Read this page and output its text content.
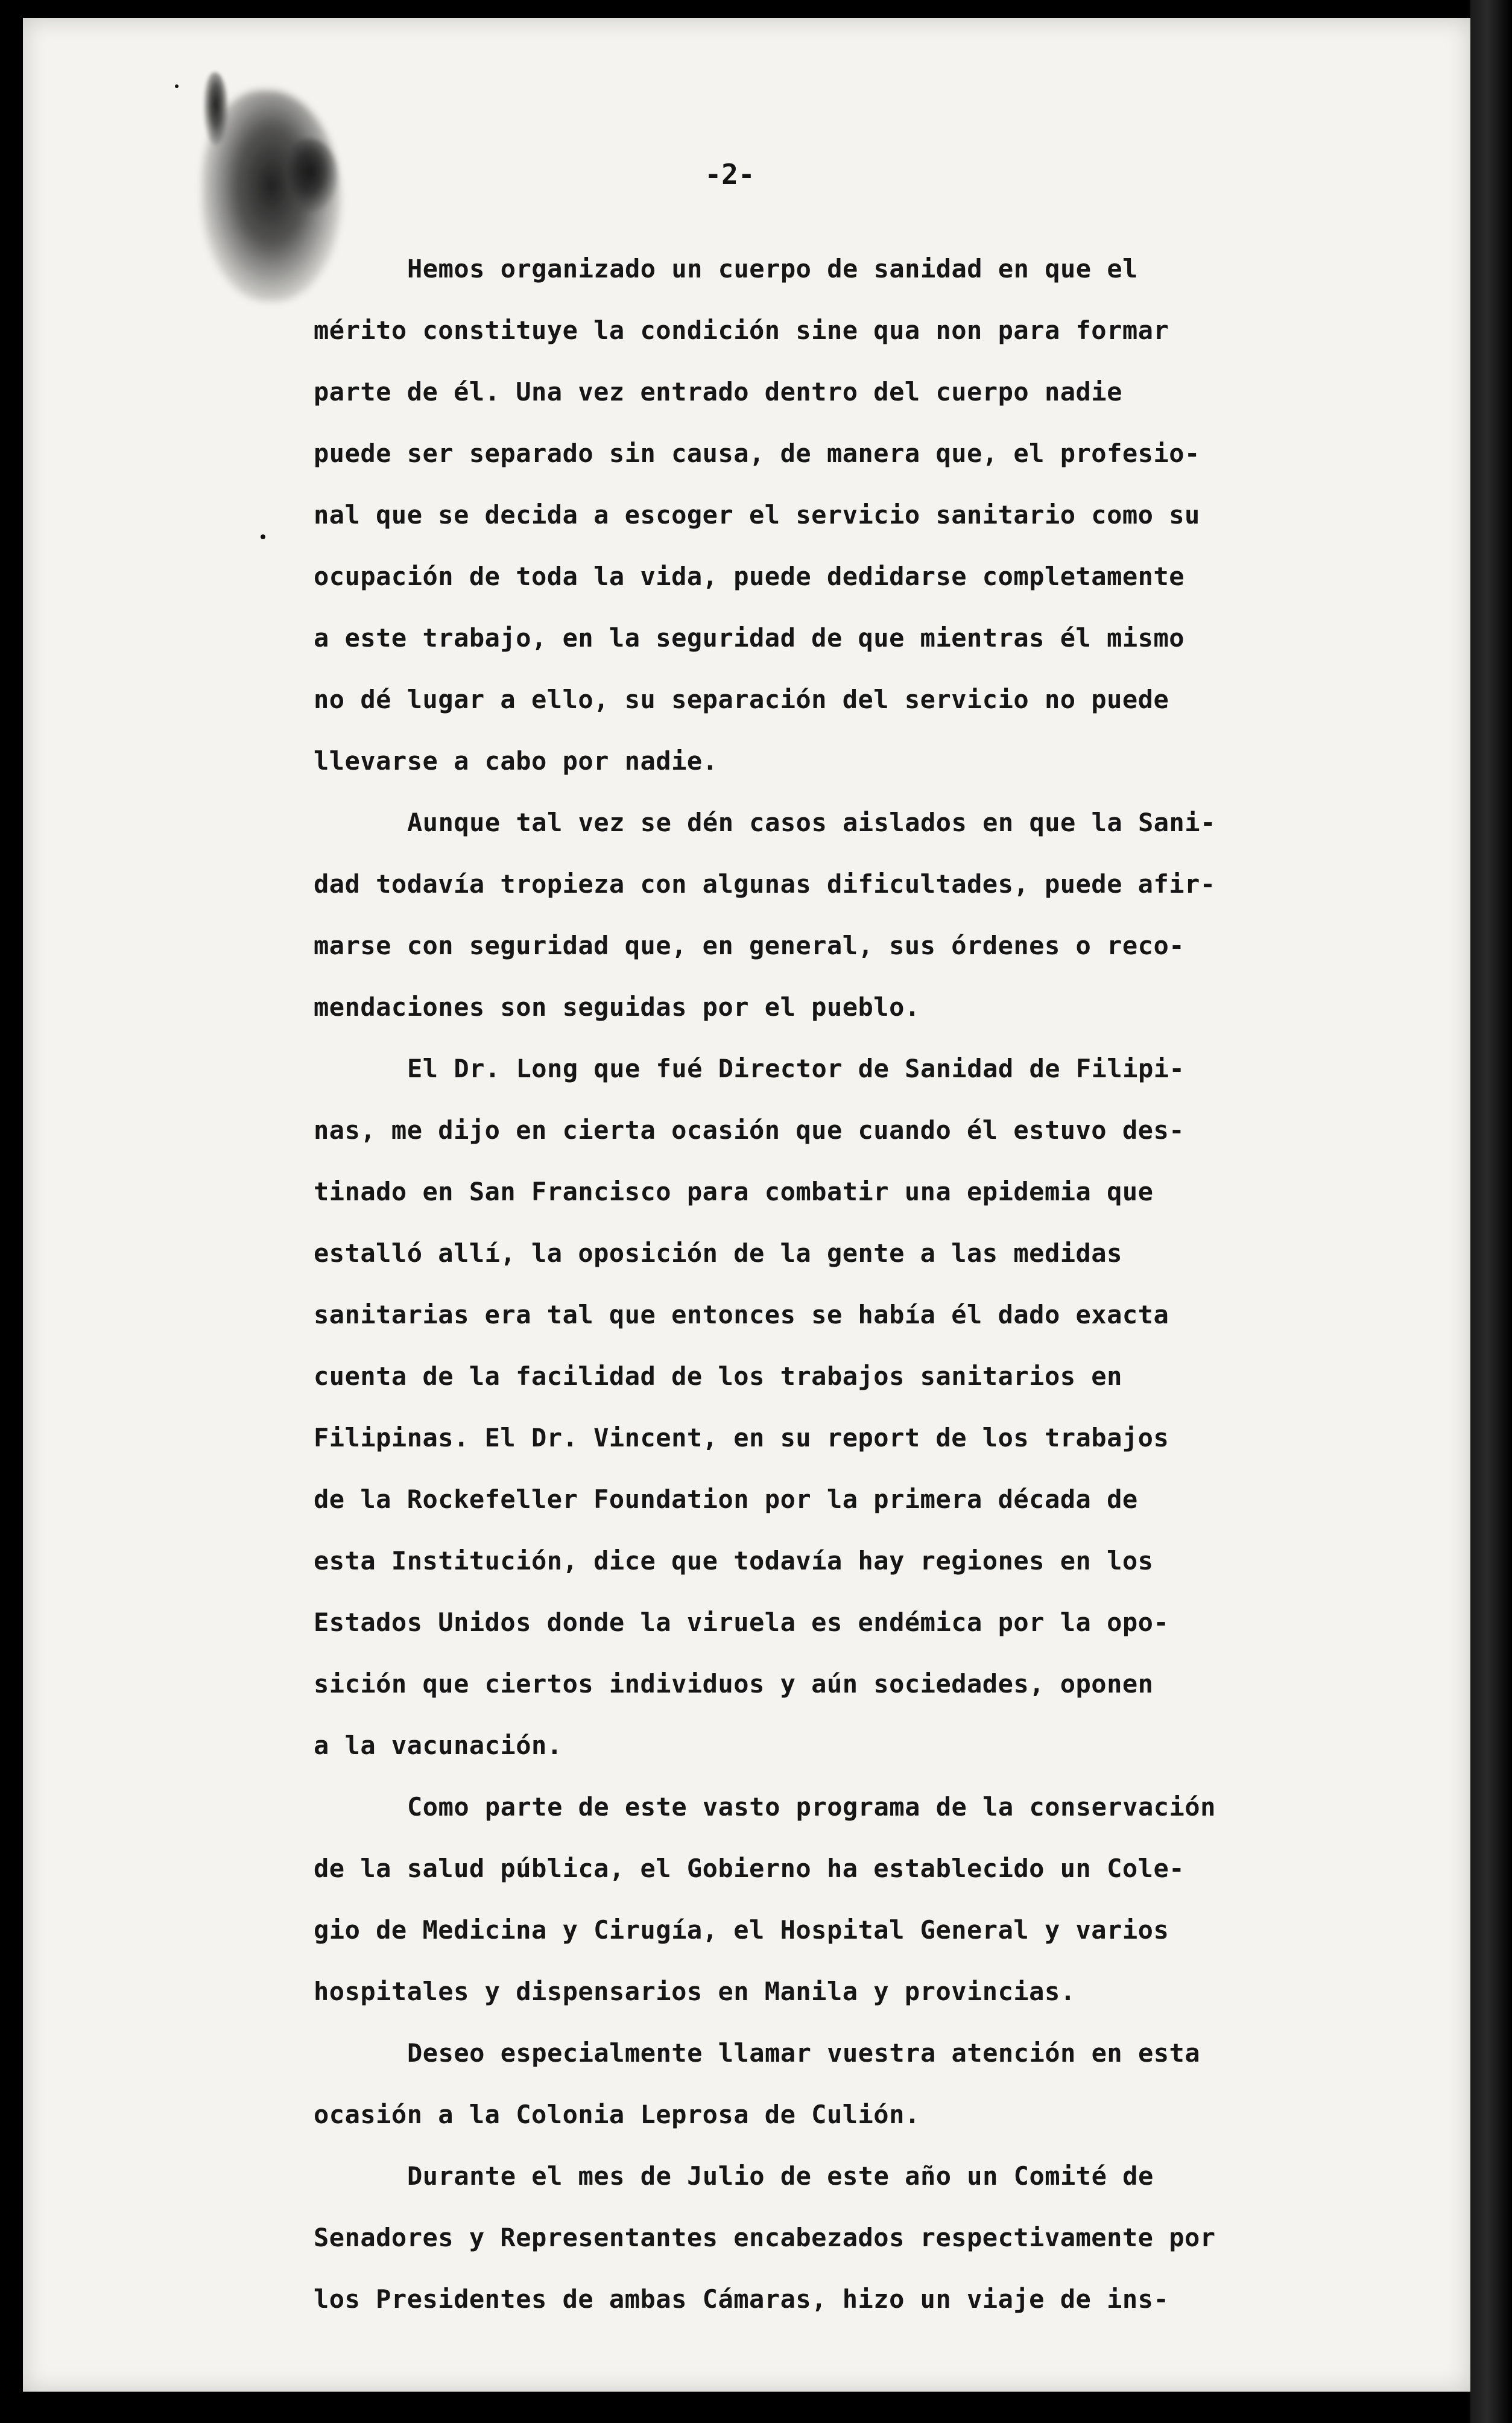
-2-
Hemos organizado un cuerpo de sanidad en que el
mérito constituye la condición sine qua non para formar
parte de él. Una vez entrado dentro del cuerpo nadie
puede ser separado sin causa, de manera que, el profesio-
nal que se decida a escoger el servicio sanitario como su
ocupación de toda la vida, puede dedidarse completamente
a este trabajo, en la seguridad de que mientras él mismo
no dé lugar a ello, su separación del servicio no puede
llevarse a cabo por nadie.
Aunque tal vez se dén casos aislados en que la Sani-
dad todavía tropieza con algunas dificultades, puede afir-
marse con seguridad que, en general, sus órdenes o reco-
mendaciones son seguidas por el pueblo.
El Dr. Long que fué Director de Sanidad de Filipi-
nas, me dijo en cierta ocasión que cuando él estuvo des-
tinado en San Francisco para combatir una epidemia que
estalló allí, la oposición de la gente a las medidas
sanitarias era tal que entonces se había él dado exacta
cuenta de la facilidad de los trabajos sanitarios en
Filipinas. El Dr. Vincent, en su report de los trabajos
de la Rockefeller Foundation por la primera década de
esta Institución, dice que todavía hay regiones en los
Estados Unidos donde la viruela es endémica por la opo-
sición que ciertos individuos y aún sociedades, oponen
a la vacunación.
Como parte de este vasto programa de la conservación
de la salud pública, el Gobierno ha establecido un Cole-
gio de Medicina y Cirugía, el Hospital General y varios
hospitales y dispensarios en Manila y provincias.
Deseo especialmente llamar vuestra atención en esta
ocasión a la Colonia Leprosa de Culión.
Durante el mes de Julio de este año un Comité de
Senadores y Representantes encabezados respectivamente por
los Presidentes de ambas Cámaras, hizo un viaje de ins-
